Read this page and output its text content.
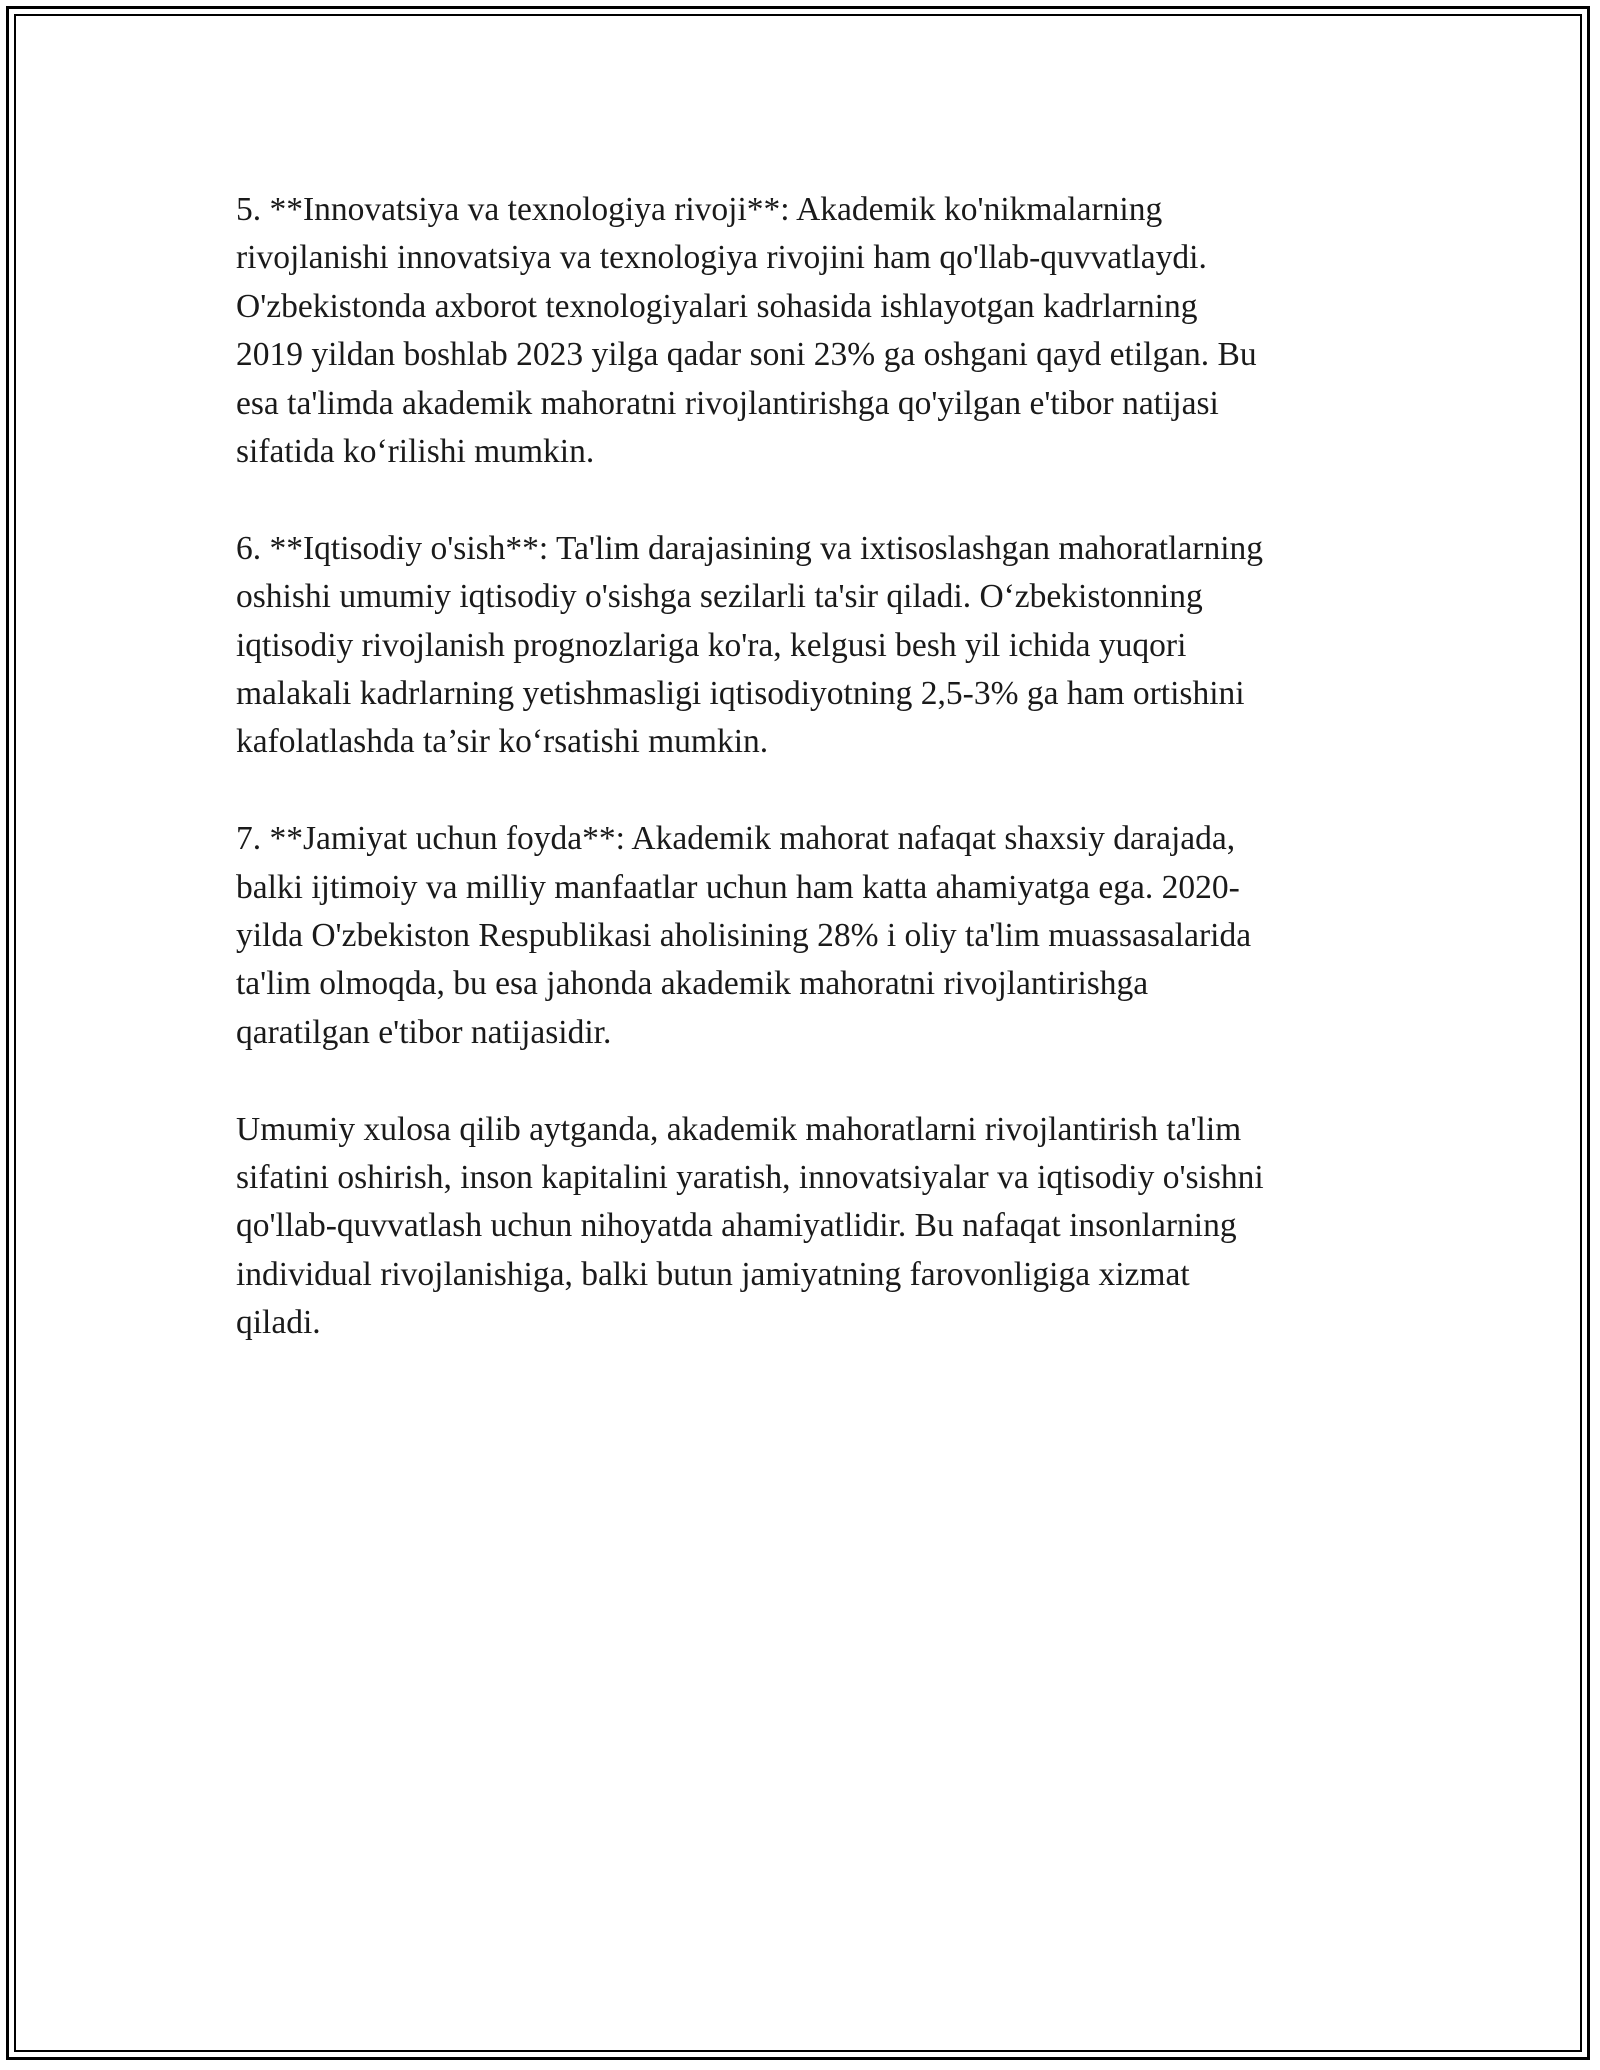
5. **Innovatsiya va texnologiya rivoji**: Akademik ko'nikmalarning
rivojlanishi innovatsiya va texnologiya rivojini ham qo'llab-quvvatlaydi.
O'zbekistonda axborot texnologiyalari sohasida ishlayotgan kadrlarning
2019 yildan boshlab 2023 yilga qadar soni 23% ga oshgani qayd etilgan. Bu
esa ta'limda akademik mahoratni rivojlantirishga qo'yilgan e'tibor natijasi
sifatida koʻrilishi mumkin.

6. **Iqtisodiy o'sish**: Ta'lim darajasining va ixtisoslashgan mahoratlarning
oshishi umumiy iqtisodiy o'sishga sezilarli ta'sir qiladi. Oʻzbekistonning
iqtisodiy rivojlanish prognozlariga ko'ra, kelgusi besh yil ichida yuqori
malakali kadrlarning yetishmasligi iqtisodiyotning 2,5-3% ga ham ortishini
kafolatlashda ta’sir koʻrsatishi mumkin.

7. **Jamiyat uchun foyda**: Akademik mahorat nafaqat shaxsiy darajada,
balki ijtimoiy va milliy manfaatlar uchun ham katta ahamiyatga ega. 2020-
yilda O'zbekiston Respublikasi aholisining 28% i oliy ta'lim muassasalarida
ta'lim olmoqda, bu esa jahonda akademik mahoratni rivojlantirishga
qaratilgan e'tibor natijasidir.

Umumiy xulosa qilib aytganda, akademik mahoratlarni rivojlantirish ta'lim
sifatini oshirish, inson kapitalini yaratish, innovatsiyalar va iqtisodiy o'sishni
qo'llab-quvvatlash uchun nihoyatda ahamiyatlidir. Bu nafaqat insonlarning
individual rivojlanishiga, balki butun jamiyatning farovonligiga xizmat
qiladi.
